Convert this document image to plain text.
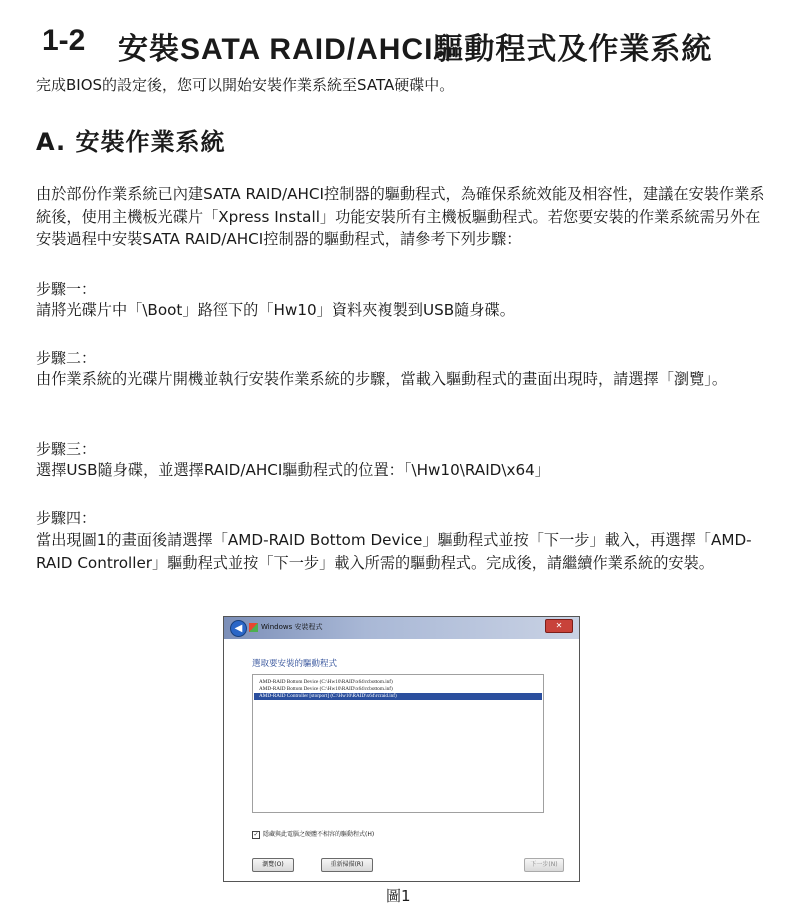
1-2 安裝SATA RAID/AHCI驅動程式及作業系統
完成BIOS的設定後，您可以開始安裝作業系統至SATA硬碟中。
A. 安裝作業系統
由於部份作業系統已內建SATA RAID/AHCI控制器的驅動程式，為確保系統效能及相容性，建議在安裝作業系統後，使用主機板光碟片「Xpress Install」功能安裝所有主機板驅動程式。若您要安裝的作業系統需另外在安裝過程中安裝SATA RAID/AHCI控制器的驅動程式，請參考下列步驟：
步驟一：
請將光碟片中「\Boot」路徑下的「Hw10」資料夾複製到USB隨身碟。
步驟二：
由作業系統的光碟片開機並執行安裝作業系統的步驟，當載入驅動程式的畫面出現時，請選擇「瀏覽」。
步驟三：
選擇USB隨身碟，並選擇RAID/AHCI驅動程式的位置：「\Hw10\RAID\x64」
步驟四：
當出現圖1的畫面後請選擇「AMD-RAID Bottom Device」驅動程式並按「下一步」載入，再選擇「AMD-RAID Controller」驅動程式並按「下一步」載入所需的驅動程式。完成後，請繼續作業系統的安裝。
◀	Windows 安裝程式	✕
選取要安裝的驅動程式
AMD-RAID Bottom Device (C:\Hw10\RAID\x64\rcbottom.inf)
AMD-RAID Bottom Device (C:\Hw10\RAID\x64\rcbottom.inf)
AMD-RAID Controller [storport] (C:\Hw10\RAID\x64\rcraid.inf)
✓ 隱藏與此電腦之硬體不相容的驅動程式(H)
瀏覽(O)	重新掃描(R)	下一步(N)
圖1
